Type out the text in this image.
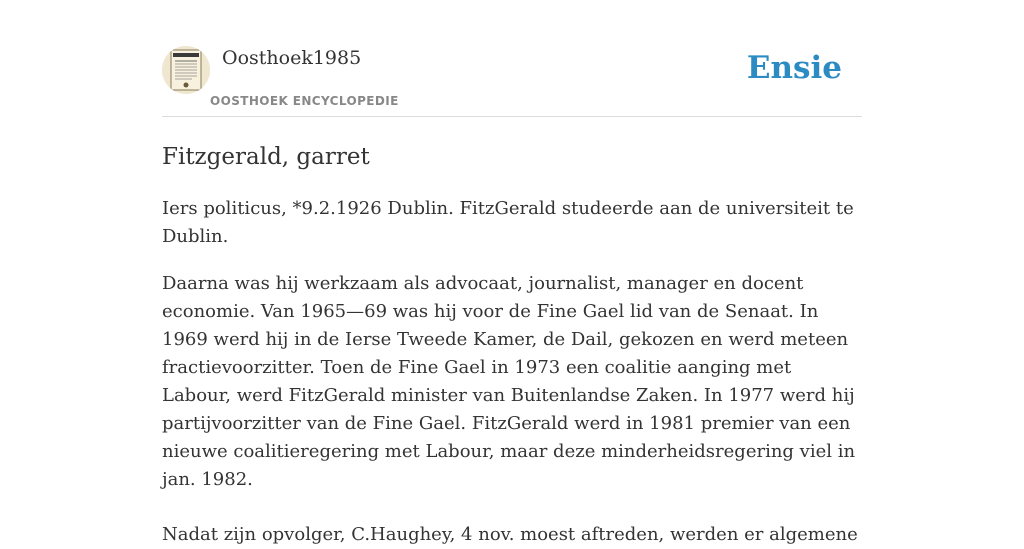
Oosthoek1985
OOSTHOEK ENCYCLOPEDIE
Ensie
Fitzgerald, garret

Iers politicus, *9.2.1926 Dublin. FitzGerald studeerde aan de universiteit te Dublin.

Daarna was hij werkzaam als advocaat, journalist, manager en docent economie. Van 1965—69 was hij voor de Fine Gael lid van de Senaat. In 1969 werd hij in de Ierse Tweede Kamer, de Dail, gekozen en werd meteen fractievoorzitter. Toen de Fine Gael in 1973 een coalitie aanging met Labour, werd FitzGerald minister van Buitenlandse Zaken. In 1977 werd hij partijvoorzitter van de Fine Gael. FitzGerald werd in 1981 premier van een nieuwe coalitieregering met Labour, maar deze minderheidsregering viel in jan. 1982.

Nadat zijn opvolger, C.Haughey, 4 nov. moest aftreden, werden er algemene
